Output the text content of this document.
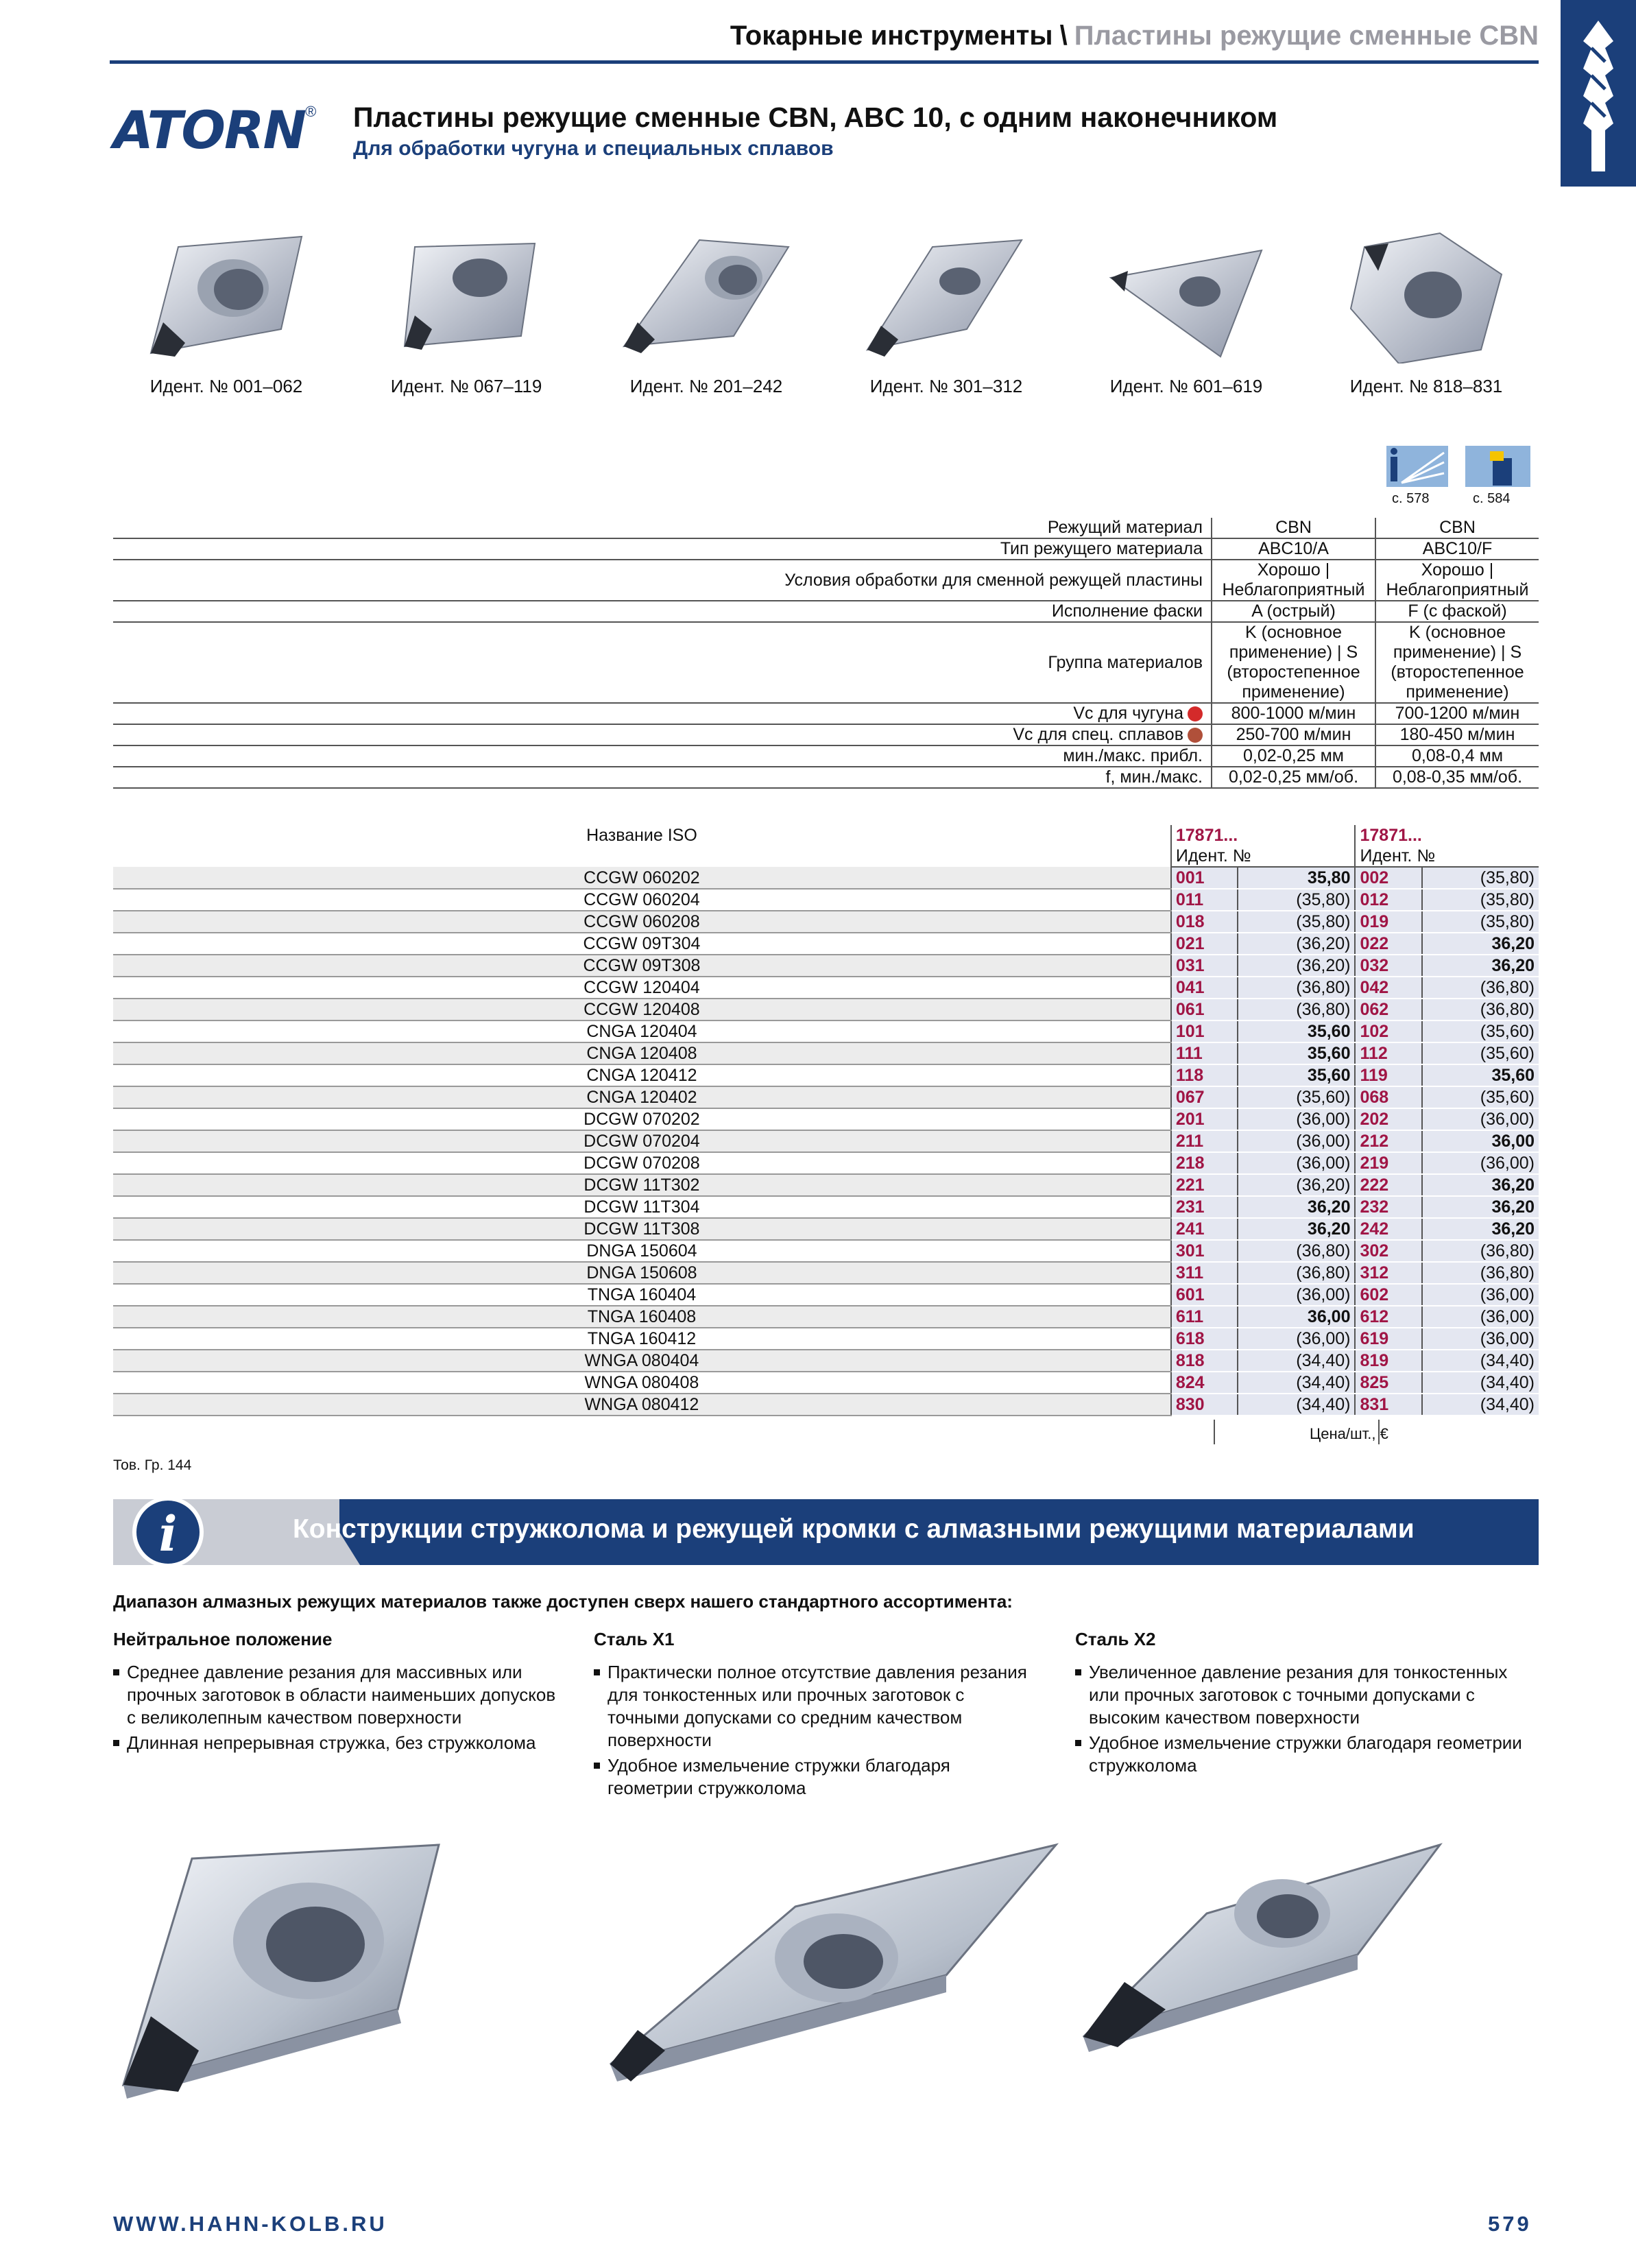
Токарные инструменты \ Пластины режущие сменные CBN
ATORN®	Пластины режущие сменные CBN, ABC 10, с одним наконечником
Для обработки чугуна и специальных сплавов
Идент. № 001–062	Идент. № 067–119	Идент. № 201–242	Идент. № 301–312	Идент. № 601–619	Идент. № 818–831
с. 578	с. 584
Режущий материал	CBN	CBN
Тип режущего материала	ABC10/A	ABC10/F
Условия обработки для сменной режущей пластины	Хорошо | Неблагоприятный	Хорошо | Неблагоприятный
Исполнение фаски	A (острый)	F (с фаской)
Группа материалов	K (основное применение) | S (второстепенное применение)	K (основное применение) | S (второстепенное применение)
Vc для чугуна	800-1000 м/мин	700-1200 м/мин
Vc для спец. сплавов	250-700 м/мин	180-450 м/мин
мин./макс. прибл.	0,02-0,25 мм	0,08-0,4 мм
f, мин./макс.	0,02-0,25 мм/об.	0,08-0,35 мм/об.
Название ISO	17871...		17871...	
	Идент. №		Идент. №	
CCGW 060202	001	35,80	002	(35,80)
CCGW 060204	011	(35,80)	012	(35,80)
CCGW 060208	018	(35,80)	019	(35,80)
CCGW 09T304	021	(36,20)	022	36,20
CCGW 09T308	031	(36,20)	032	36,20
CCGW 120404	041	(36,80)	042	(36,80)
CCGW 120408	061	(36,80)	062	(36,80)
CNGA 120404	101	35,60	102	(35,60)
CNGA 120408	111	35,60	112	(35,60)
CNGA 120412	118	35,60	119	35,60
CNGA 120402	067	(35,60)	068	(35,60)
DCGW 070202	201	(36,00)	202	(36,00)
DCGW 070204	211	(36,00)	212	36,00
DCGW 070208	218	(36,00)	219	(36,00)
DCGW 11T302	221	(36,20)	222	36,20
DCGW 11T304	231	36,20	232	36,20
DCGW 11T308	241	36,20	242	36,20
DNGA 150604	301	(36,80)	302	(36,80)
DNGA 150608	311	(36,80)	312	(36,80)
TNGA 160404	601	(36,00)	602	(36,00)
TNGA 160408	611	36,00	612	(36,00)
TNGA 160412	618	(36,00)	619	(36,00)
WNGA 080404	818	(34,40)	819	(34,40)
WNGA 080408	824	(34,40)	825	(34,40)
WNGA 080412	830	(34,40)	831	(34,40)
Цена/шт., €
Тов. Гр. 144
i	Конструкции стружколома и режущей кромки с алмазными режущими материалами
Диапазон алмазных режущих материалов также доступен сверх нашего стандартного ассортимента:
Нейтральное положение
Среднее давление резания для массивных или прочных заготовок в области наименьших допусков с великолепным качеством поверхности
Длинная непрерывная стружка, без стружколома
Сталь X1
Практически полное отсутствие давления резания для тонкостенных или прочных заготовок с точными допусками со средним качеством поверхности
Удобное измельчение стружки благодаря геометрии стружколома
Сталь X2
Увеличенное давление резания для тонкостенных или прочных заготовок с точными допусками с высоким качеством поверхности
Удобное измельчение стружки благодаря геометрии стружколома
WWW.HAHN-KOLB.RU	579
